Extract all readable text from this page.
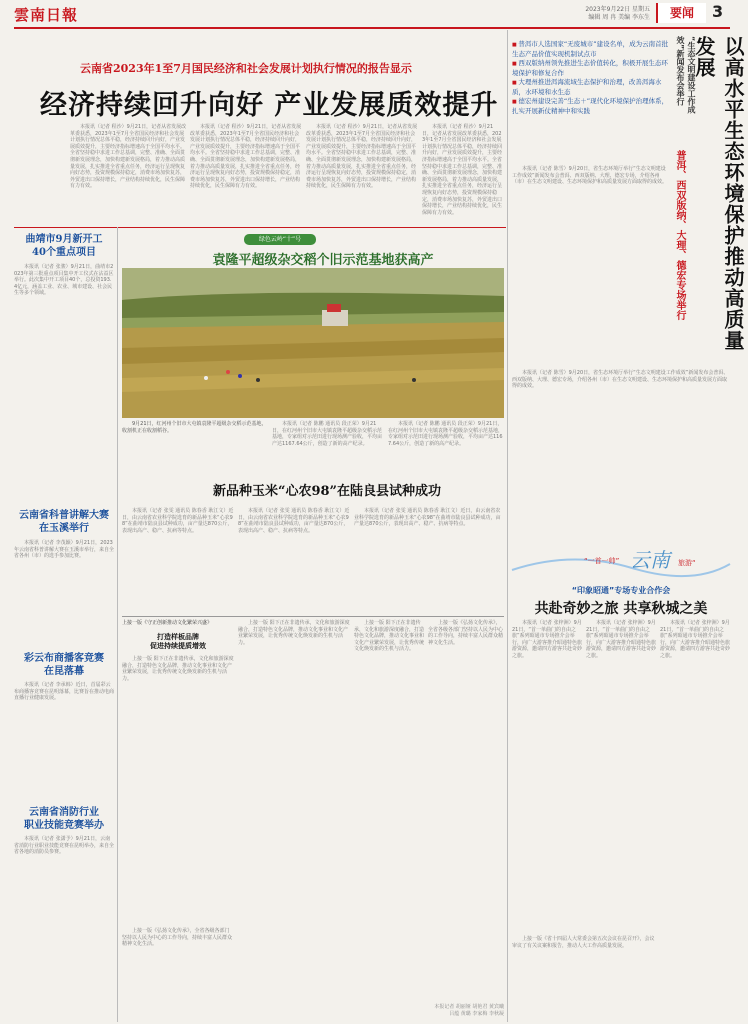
雲南日報	2023年9月22日 星期五
编辑 周 冉 美编 李东生	要闻	3
云南省2023年1至7月国民经济和社会发展计划执行情况的报告显示
经济持续回升向好 产业发展质效提升

本报讯（记者 程沙）9月21日，记者从省发展改革委获悉，2023年1至7月全省国民经济和社会发展计划执行情况总体平稳，经济持续回升向好，产业发展质效提升，主要经济指标增速高于全国平均水平。全省坚持稳中求进工作总基调，完整、准确、全面贯彻新发展理念，加快构建新发展格局，着力推动高质量发展，扎实推进全省重点任务，经济运行呈现恢复向好态势，投资规模保持稳定，消费市场加快复苏，外贸进出口保持增长，产业结构持续优化，民生保障有力有效。

本报讯（记者 程沙）9月21日，记者从省发展改革委获悉，2023年1至7月全省国民经济和社会发展计划执行情况总体平稳，经济持续回升向好，产业发展质效提升，主要经济指标增速高于全国平均水平。全省坚持稳中求进工作总基调，完整、准确、全面贯彻新发展理念，加快构建新发展格局，着力推动高质量发展，扎实推进全省重点任务，经济运行呈现恢复向好态势，投资规模保持稳定，消费市场加快复苏，外贸进出口保持增长，产业结构持续优化，民生保障有力有效。

本报讯（记者 程沙）9月21日，记者从省发展改革委获悉，2023年1至7月全省国民经济和社会发展计划执行情况总体平稳，经济持续回升向好，产业发展质效提升，主要经济指标增速高于全国平均水平。全省坚持稳中求进工作总基调，完整、准确、全面贯彻新发展理念，加快构建新发展格局，着力推动高质量发展，扎实推进全省重点任务，经济运行呈现恢复向好态势，投资规模保持稳定，消费市场加快复苏，外贸进出口保持增长，产业结构持续优化，民生保障有力有效。

本报讯（记者 程沙）9月21日，记者从省发展改革委获悉，2023年1至7月全省国民经济和社会发展计划执行情况总体平稳，经济持续回升向好，产业发展质效提升，主要经济指标增速高于全国平均水平。全省坚持稳中求进工作总基调，完整、准确、全面贯彻新发展理念，加快构建新发展格局，着力推动高质量发展，扎实推进全省重点任务，经济运行呈现恢复向好态势，投资规模保持稳定，消费市场加快复苏，外贸进出口保持增长，产业结构持续优化，民生保障有力有效。

曲靖市9月新开工
40个重点项目

本报讯（记者 张骏）9月21日，曲靖市2023年第三批重点项目集中开工仪式在沾益区举行。此次集中开工项目40个，总投资193.4亿元，涵盖工业、农业、城市建设、社会民生等多个领域。

云南省科普讲解大赛
在玉溪举行

本报讯（记者 李茂颖）9月21日，2023年云南省科普讲解大赛在玉溪市举行，来自全省各州（市）的选手参加比赛。

彩云布商播客竞赛
在昆落幕

本报讯（记者 李承韩）近日，首届彩云布商播客竞赛在昆明落幕，比赛旨在推动电商直播行业健康发展。

云南省消防行业
职业技能竞赛举办

本报讯（记者 张潇予）9月21日，云南省消防行业职业技能竞赛在昆明举办，来自全省各地的消防员参赛。

绿色云岭“十”号
袁隆平超级杂交稻个旧示范基地获高产

9月21日，红河州个旧市大屯镇袁隆平超级杂交稻示范基地，收割机正在收割稻谷。

本报讯（记者 陈鹏 通讯员 段正荣）9月21日，在红河州个旧市大屯镇袁隆平超级杂交稻示范基地，专家组对示范田进行现场测产验收，平均亩产达1167.64公斤，创造了新的高产纪录。

本报讯（记者 陈鹏 通讯员 段正荣）9月21日，在红河州个旧市大屯镇袁隆平超级杂交稻示范基地，专家组对示范田进行现场测产验收，平均亩产达1167.64公斤，创造了新的高产纪录。

新品种玉米“心农98”在陆良县试种成功

本报讯（记者 张雯 通讯员 陈春香 耿江文）近日，由云南省农业科学院选育的新品种玉米“心农98”在曲靖市陆良县试种成功，亩产量达870公斤，表现出高产、稳产、抗病等特点。

本报讯（记者 张雯 通讯员 陈春香 耿江文）近日，由云南省农业科学院选育的新品种玉米“心农98”在曲靖市陆良县试种成功，亩产量达870公斤，表现出高产、稳产、抗病等特点。

本报讯（记者 张雯 通讯员 陈春香 耿江文）近日，由云南省农业科学院选育的新品种玉米“心农98”在曲靖市陆良县试种成功，亩产量达870公斤，表现出高产、稳产、抗病等特点。

上接一版《守正创新推动文化繁荣兴盛》
打造样板品牌
促进持续提质增效

上接一版 阳下正在非遗传承，文化和旅游深度融合，打造特色文化品牌，推动文化事业和文化产业繁荣发展，让优秀传统文化焕发新的生机与活力。

上接一版《弘扬文化传承》，全省各级各部门坚持以人民为中心的工作导向，持续丰富人民群众精神文化生活。

上接一版 阳下正在非遗传承，文化和旅游深度融合，打造特色文化品牌，推动文化事业和文化产业繁荣发展，让优秀传统文化焕发新的生机与活力。

上接一版 阳下正在非遗传承，文化和旅游深度融合，打造特色文化品牌，推动文化事业和文化产业繁荣发展，让优秀传统文化焕发新的生机与活力。

上接一版《弘扬文化传承》，全省各级各部门坚持以人民为中心的工作导向，持续丰富人民群众精神文化生活。

本报记者 胡丽娅 胡艳君 黄宾曦 吕蕴 黄璐 李家梅 李秋凝
■ 普洱市人选国家“无废城市”建设名单，成为云南首批生态产品价值实现机制试点市
■ 西双版纳州领先推进生态价值转化，积极开展生态环境保护和修复合作
■ 大理州推进洱海流域生态保护和治理，改善洱海水质，水环境和水生态
■ 德宏州建设完善“生态＋”现代化环境保护治理体系，扎实开展新仗精神中和实践	“生态文明建设工作成效”新闻发布会举行	以高水平生态环境保护推动高质量发展
普洱、西双版纳、大理、德宏专场举行

本报讯（记者 陈雪）9月20日，省生态环境厅举行“生态文明建设工作成效”新闻发布会普洱、西双版纳、大理、德宏专场，介绍各州（市）在生态文明建设、生态环境保护和高质量发展方面取得的成效。

本报讯（记者 陈雪）9月20日，省生态环境厅举行“生态文明建设工作成效”新闻发布会普洱、西双版纳、大理、德宏专场，介绍各州（市）在生态文明建设、生态环境保护和高质量发展方面取得的成效。

“一首一帅” 云南 旅游“
“印象昭通”专场专业合作会
共赴奇妙之旅 共享秋城之美

本报讯（记者 张梓洲）9月21日，“首一单曲门的自由之旅”系列昭通市专场推介会举行，向广大游客推介昭通特色旅游资源，邀请四方游客共赴奇妙之旅。

本报讯（记者 张梓洲）9月21日，“首一单曲门的自由之旅”系列昭通市专场推介会举行，向广大游客推介昭通特色旅游资源，邀请四方游客共赴奇妙之旅。

本报讯（记者 张梓洲）9月21日，“首一单曲门的自由之旅”系列昭通市专场推介会举行，向广大游客推介昭通特色旅游资源，邀请四方游客共赴奇妙之旅。

上接一版《省十四届人大常委会第五次会议在昆召开》，会议审议了有关议案和报告，推动人大工作高质量发展。
